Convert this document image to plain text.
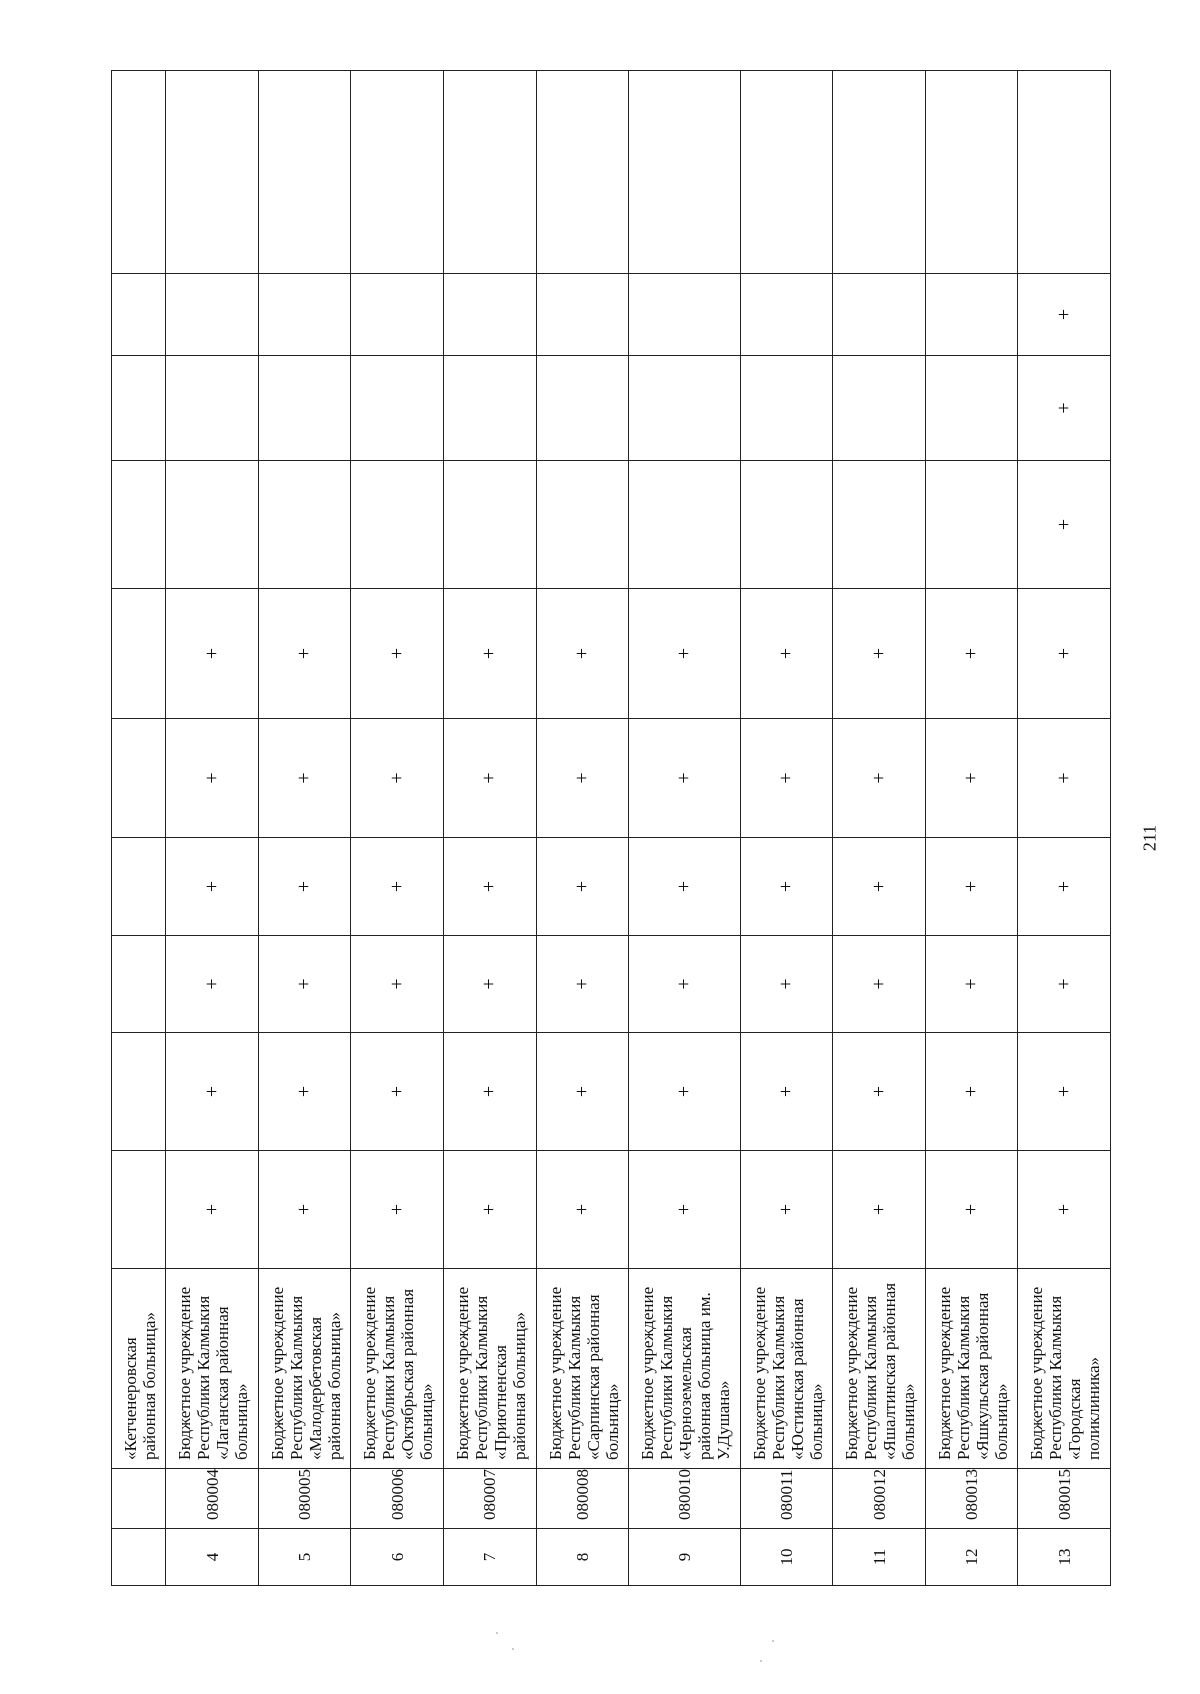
		«Кетченеровская районная больница»										
4	080004	Бюджетное учреждение Республики Калмыкия «Лаганская районная больница»	+	+	+	+	+	+				
5	080005	Бюджетное учреждение Республики Калмыкия «Малодербетовская районная больница»	+	+	+	+	+	+				
6	080006	Бюджетное учреждение Республики Калмыкия «Октябрьская районная больница»	+	+	+	+	+	+				
7	080007	Бюджетное учреждение Республики Калмыкия «Приютненская районная больница»	+	+	+	+	+	+				
8	080008	Бюджетное учреждение Республики Калмыкия «Сарпинская районная больница»	+	+	+	+	+	+				
9	080010	Бюджетное учреждение Республики Калмыкия «Черноземельская районная больница им. У.Душана»	+	+	+	+	+	+				
10	080011	Бюджетное учреждение Республики Калмыкия «Юстинская районная больница»	+	+	+	+	+	+				
11	080012	Бюджетное учреждение Республики Калмыкия «Яшалтинская районная больница»	+	+	+	+	+	+				
12	080013	Бюджетное учреждение Республики Калмыкия «Яшкульская районная больница»	+	+	+	+	+	+				
13	080015	Бюджетное учреждение Республики Калмыкия «Городская поликлиника»	+	+	+	+	+	+	+	+	+	
211
